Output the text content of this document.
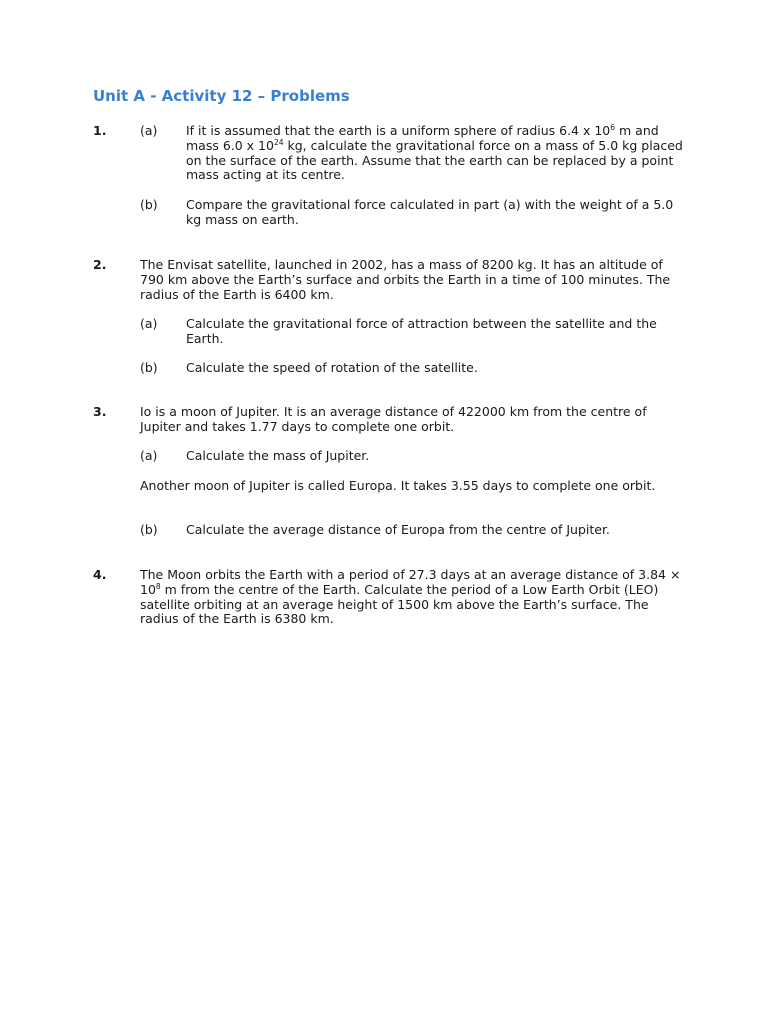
Unit A - Activity 12 – Problems
1.	(a) If it is assumed that the earth is a uniform sphere of radius 6.4 x $10^6$ m and mass 6.0 x $10^{24}$ kg, calculate the gravitational force on a mass of 5.0 kg placed on the surface of the earth. Assume that the earth can be replaced by a point mass acting at its centre.

(b) Compare the gravitational force calculated in part (a) with the weight of a 5.0 kg mass on earth.

2.	The Envisat satellite, launched in 2002, has a mass of 8200 kg. It has an altitude of 790 km above the Earth’s surface and orbits the Earth in a time of 100 minutes. The radius of the Earth is 6400 km.

(a) Calculate the gravitational force of attraction between the satellite and the Earth.

(b) Calculate the speed of rotation of the satellite.

3.	Io is a moon of Jupiter. It is an average distance of 422000 km from the centre of Jupiter and takes 1.77 days to complete one orbit.

(a) Calculate the mass of Jupiter.

Another moon of Jupiter is called Europa. It takes 3.55 days to complete one orbit.

(b) Calculate the average distance of Europa from the centre of Jupiter.

4.	The Moon orbits the Earth with a period of 27.3 days at an average distance of $3.84 \times 10^8$ m from the centre of the Earth. Calculate the period of a Low Earth Orbit (LEO) satellite orbiting at an average height of 1500 km above the Earth’s surface. The radius of the Earth is 6380 km.
